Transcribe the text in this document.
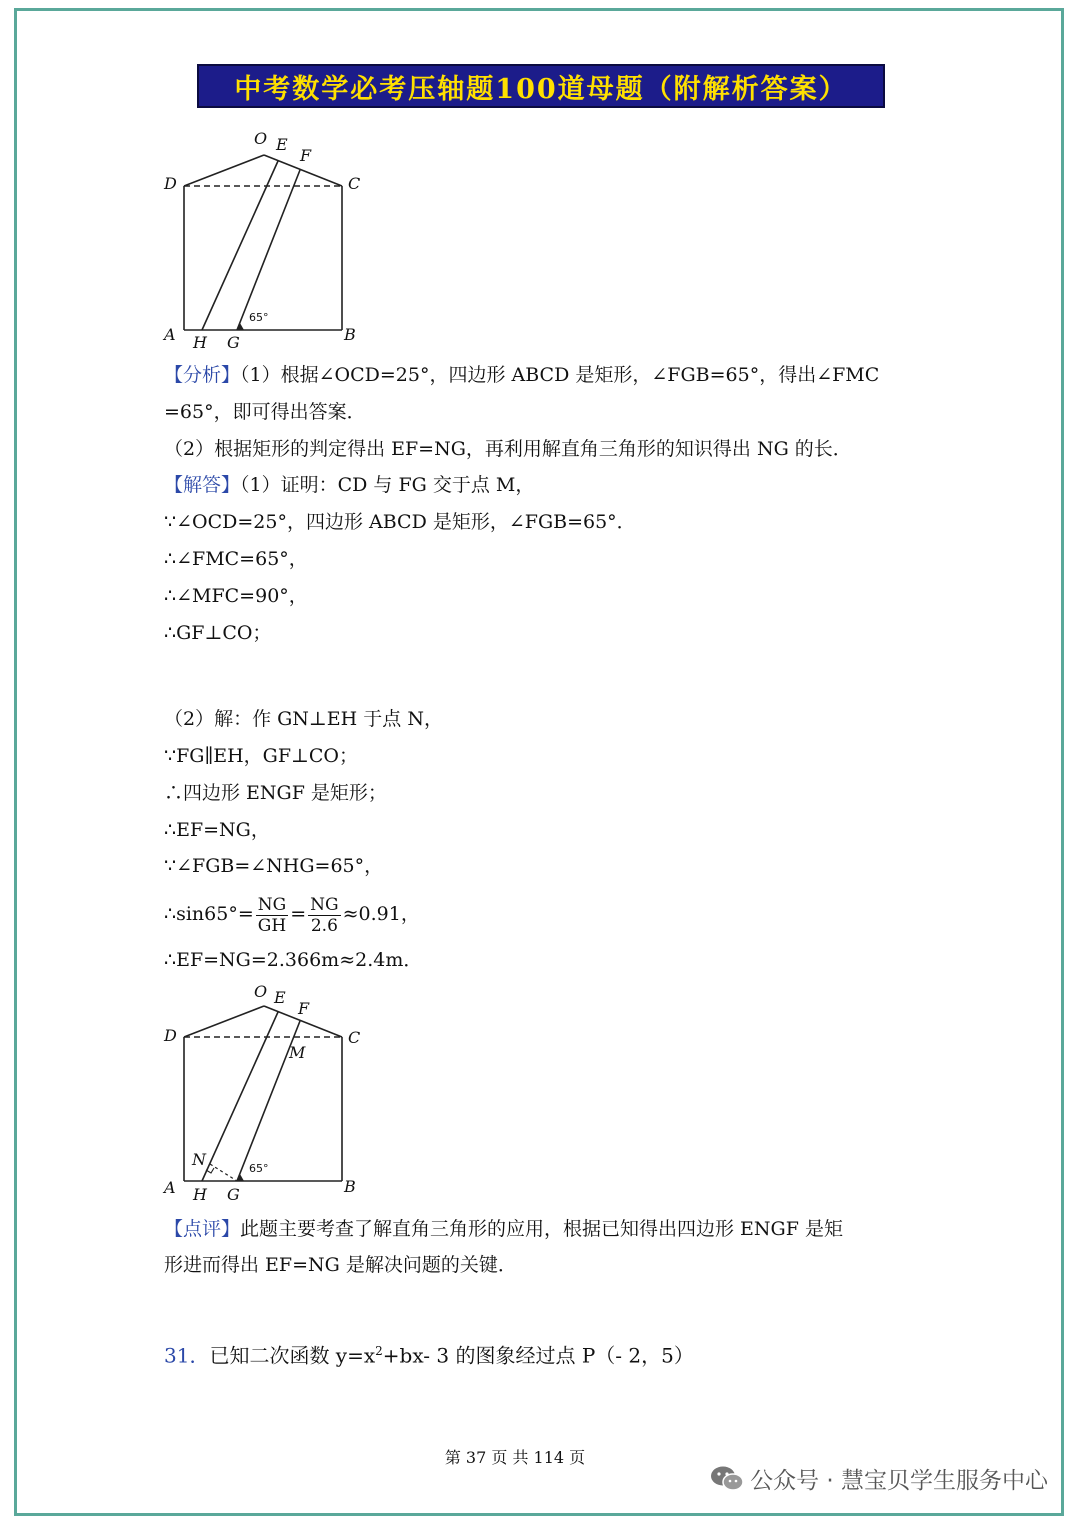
中考数学必考压轴题100道母题（附解析答案）
O E
F
D	C
A H G	B
65°
【分析】（1）根据∠OCD=25°，四边形 ABCD 是矩形，∠FGB=65°，得出∠FMC
=65°，即可得出答案．
（2）根据矩形的判定得出 EF=NG，再利用解直角三角形的知识得出 NG 的长．
【解答】（1）证明：CD 与 FG 交于点 M，
∵∠OCD=25°，四边形 ABCD 是矩形，∠FGB=65°．
∴∠FMC=65°，
∴∠MFC=90°，
∴GF⊥CO；
（2）解：作 GN⊥EH 于点 N，
∵FG∥EH，GF⊥CO；
∴四边形 ENGF 是矩形；
∴EF=NG，
∵∠FGB=∠NHG=65°，
∴sin65°= $\frac{NG}{GH} = \frac{NG}{2.6} \approx 0.91$，
∴EF=NG=2.366m≈2.4m．
O E
F
D	C
M
N
A H G	B
65°
【点评】此题主要考查了解直角三角形的应用，根据已知得出四边形 ENGF 是矩
形进而得出 EF=NG 是解决问题的关键．
31．已知二次函数 $y=x^2+bx-$ 3 的图象经过点 P（- 2，5）
第 37 页 共 114 页
公众号 · 慧宝贝学生服务中心
